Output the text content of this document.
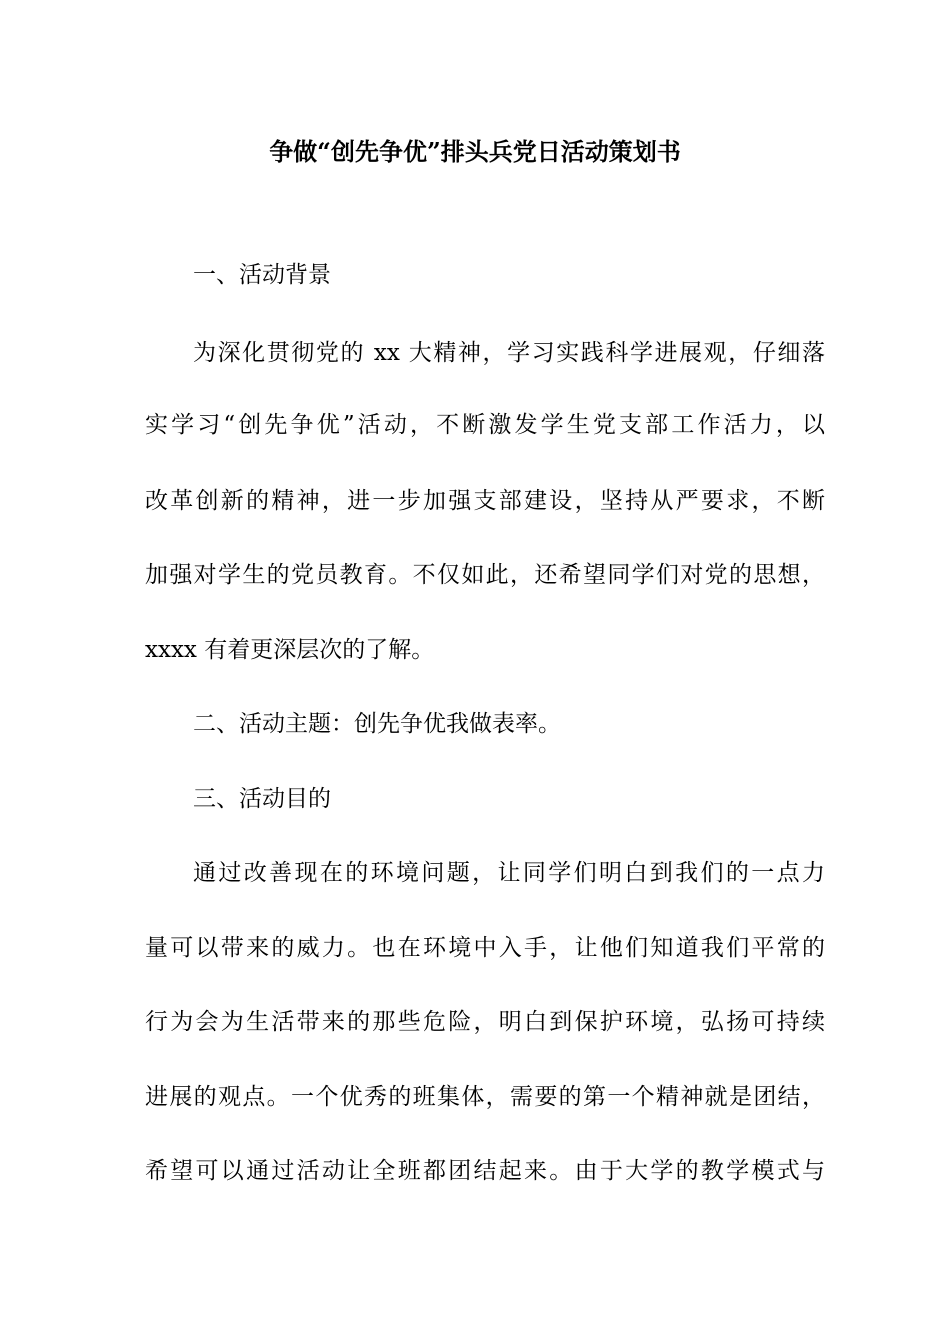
争做“创先争优”排头兵党日活动策划书

一、活动背景

为深化贯彻党的 xx 大精神，学习实践科学进展观，仔细落

实学习“创先争优”活动，不断激发学生党支部工作活力，以

改革创新的精神，进一步加强支部建设，坚持从严要求，不断

加强对学生的党员教育。不仅如此，还希望同学们对党的思想，

xxxx 有着更深层次的了解。

二、活动主题：创先争优我做表率。

三、活动目的

通过改善现在的环境问题，让同学们明白到我们的一点力

量可以带来的威力。也在环境中入手，让他们知道我们平常的

行为会为生活带来的那些危险，明白到保护环境，弘扬可持续

进展的观点。一个优秀的班集体，需要的第一个精神就是团结，

希望可以通过活动让全班都团结起来。由于大学的教学模式与
